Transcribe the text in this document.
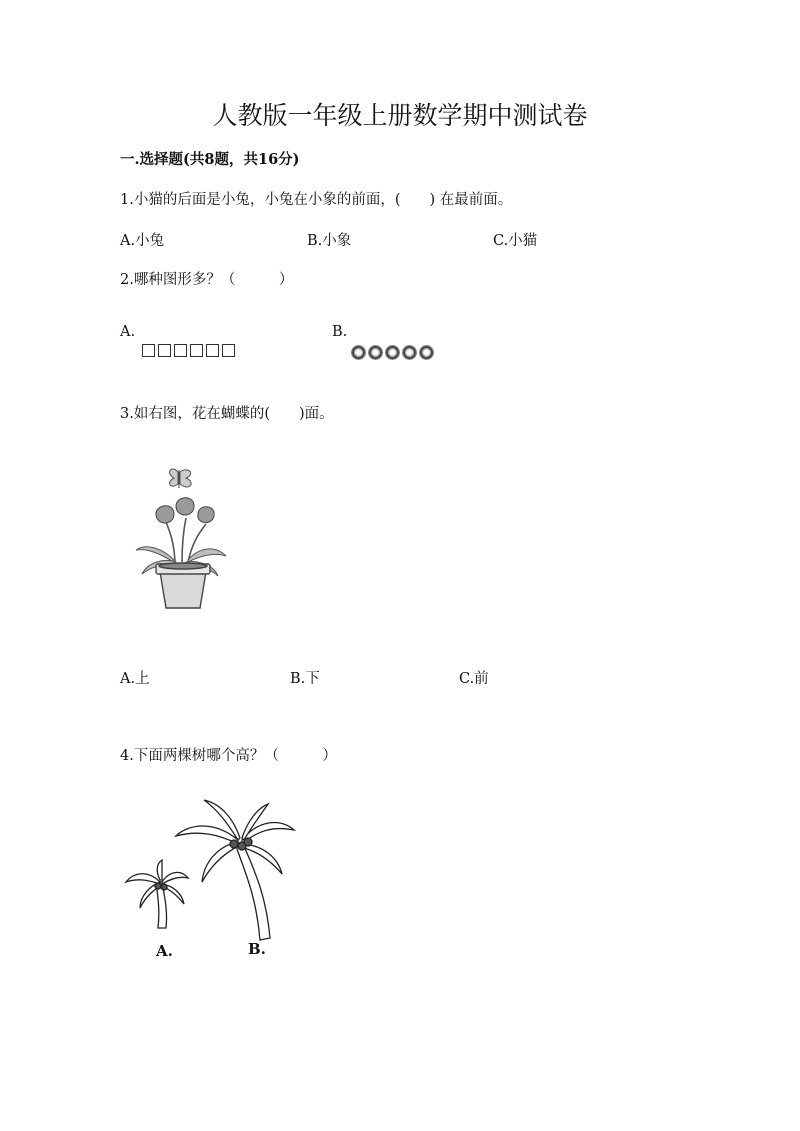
人教版一年级上册数学期中测试卷
一.选择题(共8题，共16分)
1.小猫的后面是小兔，小兔在小象的前面，(　　) 在最前面。
A.小兔	B.小象	C.小猫
2.哪种图形多？（　　　）
A.	B.
3.如右图，花在蝴蝶的(　　)面。
A.上	B.下	C.前
4.下面两棵树哪个高？（　　　）
A.	B.
